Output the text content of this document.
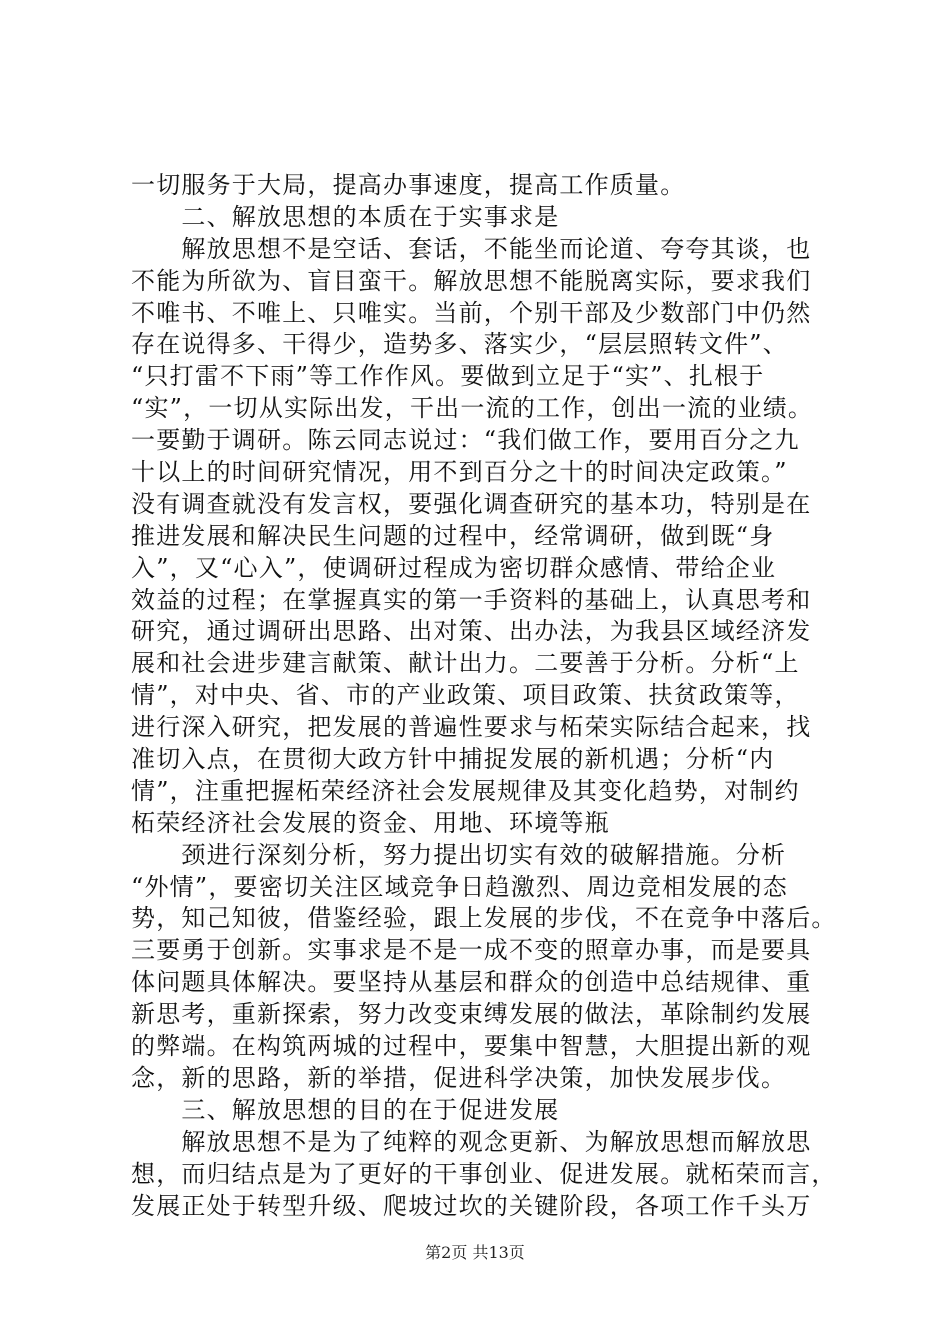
一切服务于大局，提高办事速度，提高工作质量。
　　二、解放思想的本质在于实事求是
　　解放思想不是空话、套话，不能坐而论道、夸夸其谈，也
不能为所欲为、盲目蛮干。解放思想不能脱离实际，要求我们
不唯书、不唯上、只唯实。当前，个别干部及少数部门中仍然
存在说得多、干得少，造势多、落实少，“层层照转文件”、
“只打雷不下雨”等工作作风。要做到立足于“实”、扎根于
“实”，一切从实际出发，干出一流的工作，创出一流的业绩。
一要勤于调研。陈云同志说过：“我们做工作，要用百分之九
十以上的时间研究情况，用不到百分之十的时间决定政策。”
没有调查就没有发言权，要强化调查研究的基本功，特别是在
推进发展和解决民生问题的过程中，经常调研，做到既“身
入”，又“心入”，使调研过程成为密切群众感情、带给企业
效益的过程；在掌握真实的第一手资料的基础上，认真思考和
研究，通过调研出思路、出对策、出办法，为我县区域经济发
展和社会进步建言献策、献计出力。二要善于分析。分析“上
情”，对中央、省、市的产业政策、项目政策、扶贫政策等，
进行深入研究，把发展的普遍性要求与柘荣实际结合起来，找
准切入点，在贯彻大政方针中捕捉发展的新机遇；分析“内
情”，注重把握柘荣经济社会发展规律及其变化趋势，对制约
柘荣经济社会发展的资金、用地、环境等瓶
　　颈进行深刻分析，努力提出切实有效的破解措施。分析
“外情”，要密切关注区域竞争日趋激烈、周边竞相发展的态
势，知己知彼，借鉴经验，跟上发展的步伐，不在竞争中落后。
三要勇于创新。实事求是不是一成不变的照章办事，而是要具
体问题具体解决。要坚持从基层和群众的创造中总结规律、重
新思考，重新探索，努力改变束缚发展的做法，革除制约发展
的弊端。在构筑两城的过程中，要集中智慧，大胆提出新的观
念，新的思路，新的举措，促进科学决策，加快发展步伐。
　　三、解放思想的目的在于促进发展
　　解放思想不是为了纯粹的观念更新、为解放思想而解放思
想，而归结点是为了更好的干事创业、促进发展。就柘荣而言，
发展正处于转型升级、爬坡过坎的关键阶段，各项工作千头万
第2页 共13页
